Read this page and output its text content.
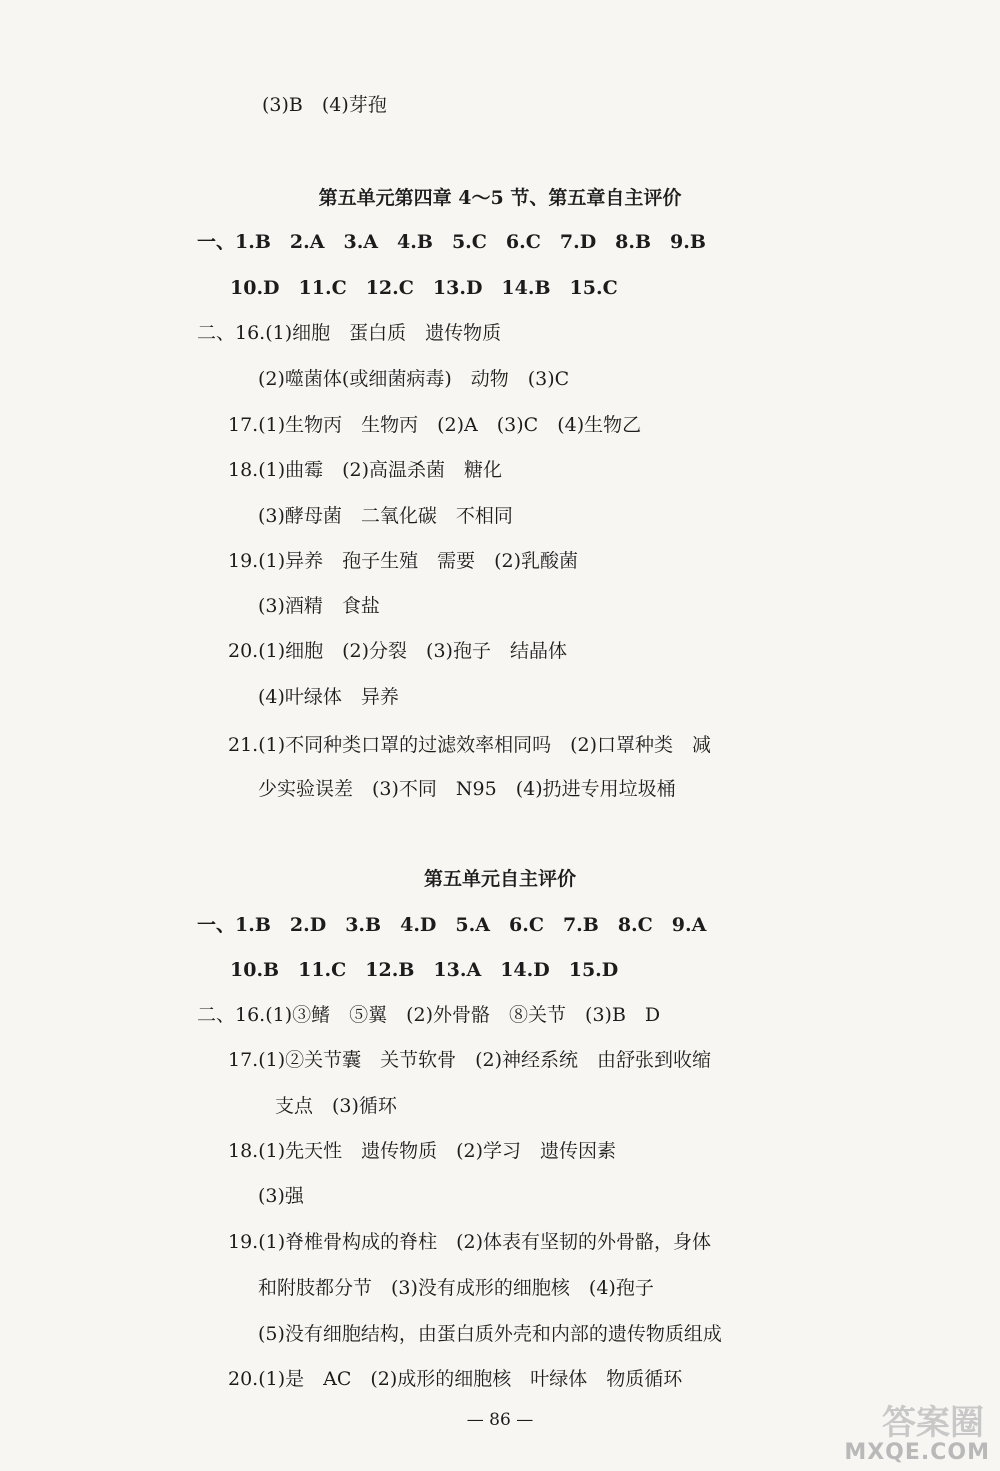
(3)B　(4)芽孢
第五单元第四章 4～5 节、第五章自主评价
一、1.B　2.A　3.A　4.B　5.C　6.C　7.D　8.B　9.B
10.D　11.C　12.C　13.D　14.B　15.C
二、16.(1)细胞　蛋白质　遗传物质
(2)噬菌体(或细菌病毒)　动物　(3)C
17.(1)生物丙　生物丙　(2)A　(3)C　(4)生物乙
18.(1)曲霉　(2)高温杀菌　糖化
(3)酵母菌　二氧化碳　不相同
19.(1)异养　孢子生殖　需要　(2)乳酸菌
(3)酒精　食盐
20.(1)细胞　(2)分裂　(3)孢子　结晶体
(4)叶绿体　异养
21.(1)不同种类口罩的过滤效率相同吗　(2)口罩种类　减
少实验误差　(3)不同　N95　(4)扔进专用垃圾桶
第五单元自主评价
一、1.B　2.D　3.B　4.D　5.A　6.C　7.B　8.C　9.A
10.B　11.C　12.B　13.A　14.D　15.D
二、16.(1)③鳍　⑤翼　(2)外骨骼　⑧关节　(3)B　D
17.(1)②关节囊　关节软骨　(2)神经系统　由舒张到收缩
支点　(3)循环
18.(1)先天性　遗传物质　(2)学习　遗传因素
(3)强
19.(1)脊椎骨构成的脊柱　(2)体表有坚韧的外骨骼，身体
和附肢都分节　(3)没有成形的细胞核　(4)孢子
(5)没有细胞结构，由蛋白质外壳和内部的遗传物质组成
20.(1)是　AC　(2)成形的细胞核　叶绿体　物质循环
— 86 —	答案圈
MXQE.COM
